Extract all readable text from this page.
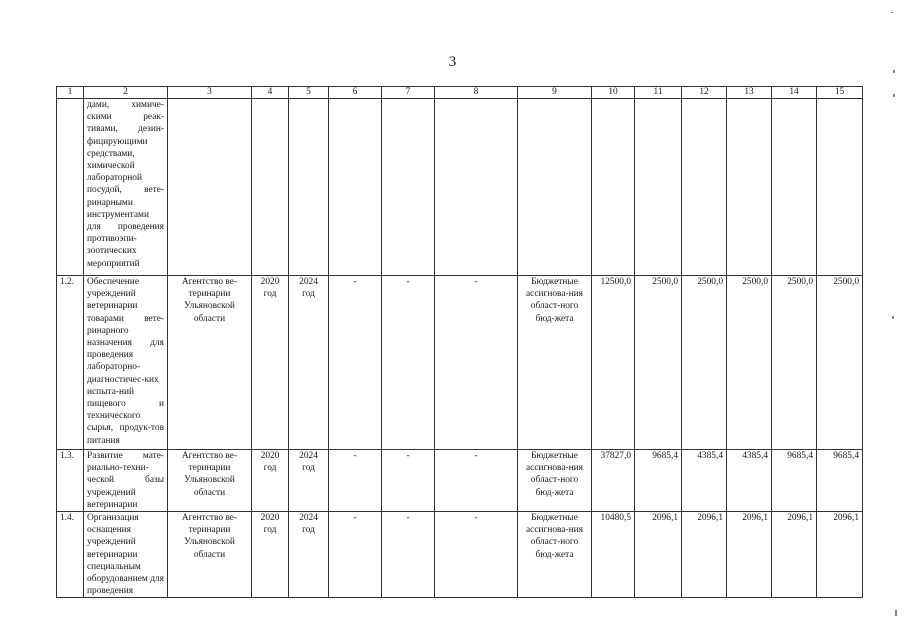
3
1	2	3	4	5	6	7	8	9	10	11	12	13	14	15
	дами, химиче-скими реак-тивами, дезин-фицирующими средствами, химической лабораторной посудой, вете-ринарными инструментами для проведения противоэпи-зоотических мероприятий													
1.2.	Обеспечение учреждений ветеринарии товарами вете-ринарного назначения для проведения лабораторно-диагностичес-ких испыта-ний пищевого и технического сырья, продук-тов питания	Агентство ве-теринарии Ульяновской области	2020 год	2024 год	-	-	-	Бюджетные ассигнова-ния област-ного бюд-жета	12500,0	2500,0	2500,0	2500,0	2500,0	2500,0
1.3.	Развитие мате-риально-техни-ческой базы учреждений ветеринарии	Агентство ве-теринарии Ульяновской области	2020 год	2024 год	-	-	-	Бюджетные ассигнова-ния област-ного бюд-жета	37827,0	9685,4	4385,4	4385,4	9685,4	9685,4
1.4.	Организация оснащения учреждений ветеринарии специальным оборудованием для проведения	Агентство ве-теринарии Ульяновской области	2020 год	2024 год	-	-	-	Бюджетные ассигнова-ния област-ного бюд-жета	10480,5	2096,1	2096,1	2096,1	2096,1	2096,1
